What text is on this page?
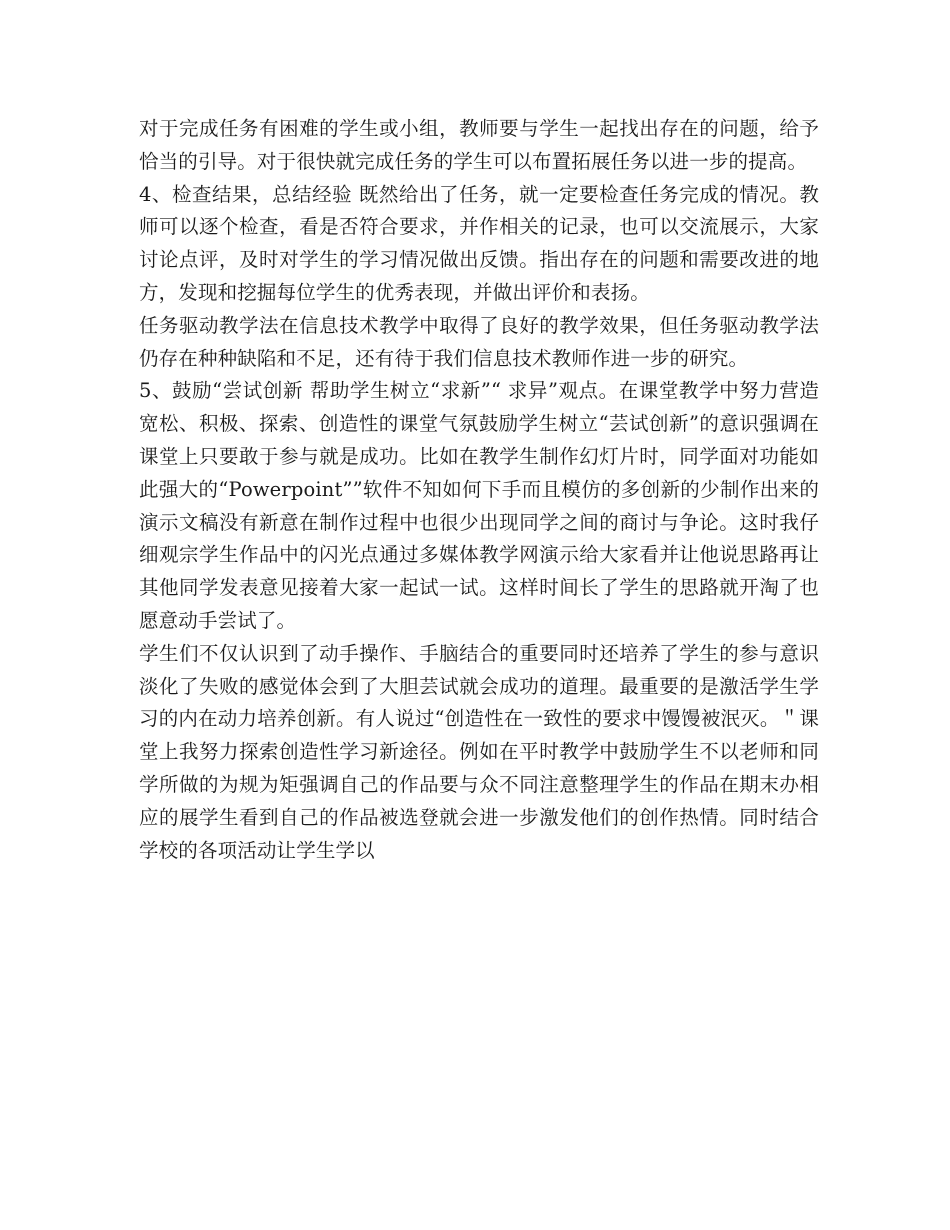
对于完成任务有困难的学生或小组，教师要与学生一起找出存在的问题，给予恰当的引导。对于很快就完成任务的学生可以布置拓展任务以进一步的提高。

4、检查结果，总结经验 既然给出了任务，就一定要检查任务完成的情况。教师可以逐个检查，看是否符合要求，并作相关的记录，也可以交流展示，大家讨论点评，及时对学生的学习情况做出反馈。指出存在的问题和需要改进的地方，发现和挖掘每位学生的优秀表现，并做出评价和表扬。

任务驱动教学法在信息技术教学中取得了良好的教学效果，但任务驱动教学法仍存在种种缺陷和不足，还有待于我们信息技术教师作进一步的研究。

5、鼓励“尝试创新 帮助学生树立“求新”“ 求异”观点。在课堂教学中努力营造宽松、积极、探索、创造性的课堂气氛鼓励学生树立“芸试创新”的意识强调在课堂上只要敢于参与就是成功。比如在教学生制作幻灯片时，同学面对功能如此强大的“Powerpoint””软件不知如何下手而且模仿的多创新的少制作出来的演示文稿没有新意在制作过程中也很少出现同学之间的商讨与争论。这时我仔细观宗学生作品中的闪光点通过多媒体教学网演示给大家看并让他说思路再让其他同学发表意见接着大家一起试一试。这样时间长了学生的思路就开淘了也愿意动手尝试了。

学生们不仅认识到了动手操作、手脑结合的重要同时还培养了学生的参与意识淡化了失败的感觉体会到了大胆芸试就会成功的道理。最重要的是激活学生学习的内在动力培养创新。有人说过“创造性在一致性的要求中馒馒被泯灭。＂课堂上我努力探索创造性学习新途径。例如在平时教学中鼓励学生不以老师和同学所做的为规为矩强调自己的作品要与众不同注意整理学生的作品在期末办相应的展学生看到自己的作品被选登就会进一步激发他们的创作热情。同时结合学校的各项活动让学生学以
